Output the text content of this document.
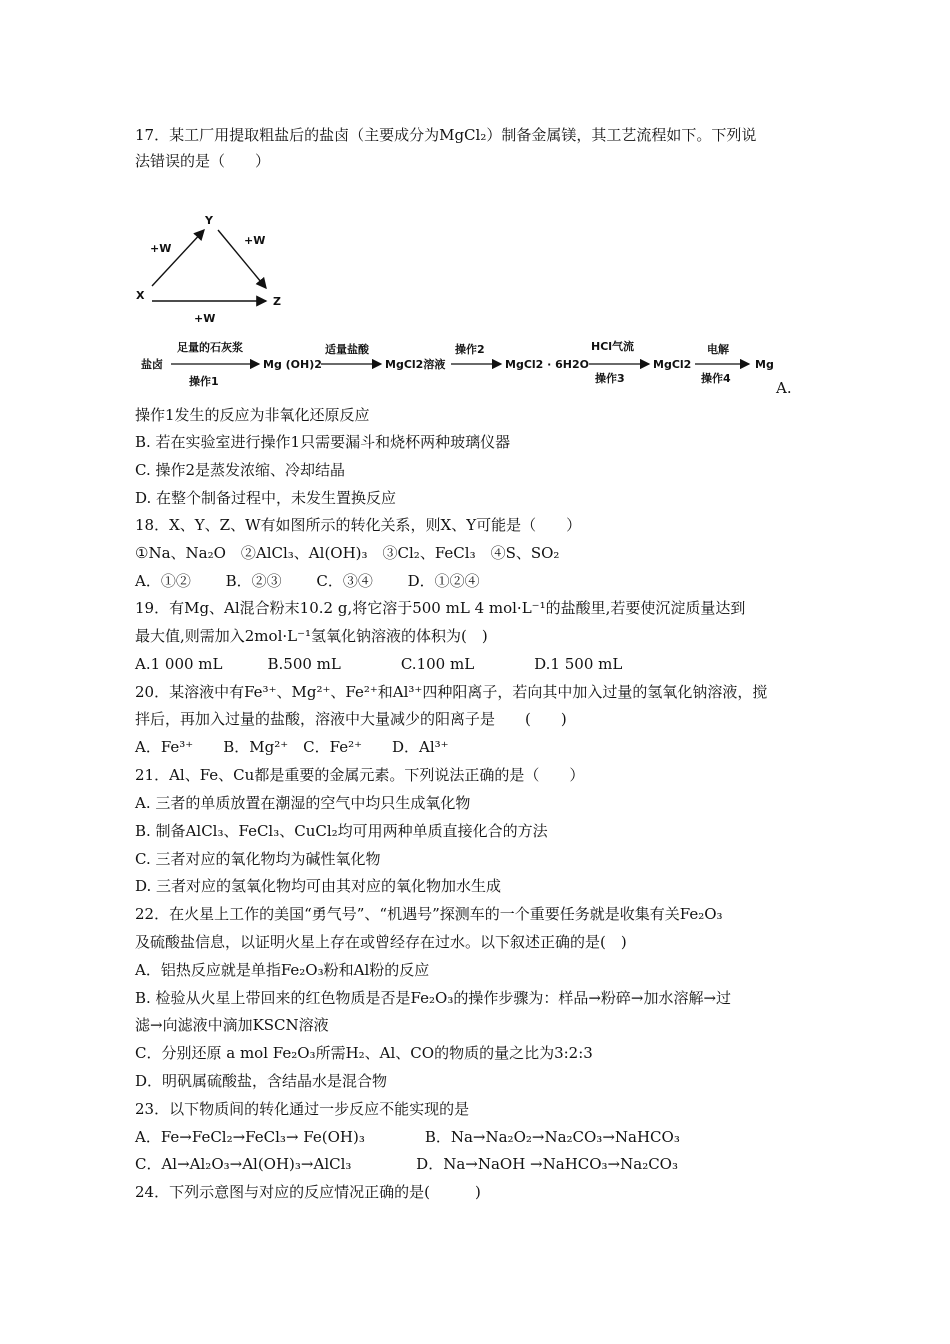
17．某工厂用提取粗盐后的盐卤（主要成分为MgCl₂）制备金属镁，其工艺流程如下。下列说
法错误的是（　　）
Y
X	Z
+W
+W
+W
盐卤
足量的石灰浆
操作1
Mg (OH)2
适量盐酸
MgCl2溶液
操作2
MgCl2 · 6H2O
HCl气流
操作3
MgCl2
电解
操作4
Mg
A.
操作1发生的反应为非氧化还原反应
B. 若在实验室进行操作1只需要漏斗和烧杯两种玻璃仪器
C. 操作2是蒸发浓缩、冷却结晶
D. 在整个制备过程中，未发生置换反应
18．X、Y、Z、W有如图所示的转化关系，则X、Y可能是（　　）
①Na、Na₂O　②AlCl₃、Al(OH)₃　③Cl₂、FeCl₃　④S、SO₂
A．①②　　 B．②③　　 C．③④　　 D．①②④
19．有Mg、Al混合粉末10.2 g,将它溶于500 mL 4 mol·L⁻¹的盐酸里,若要使沉淀质量达到
最大值,则需加入2mol·L⁻¹氢氧化钠溶液的体积为(　)
A.1 000 mL　　　B.500 mL　　　　C.100 mL　　　　D.1 500 mL
20．某溶液中有Fe³⁺、Mg²⁺、Fe²⁺和Al³⁺四种阳离子，若向其中加入过量的氢氧化钠溶液，搅
拌后，再加入过量的盐酸，溶液中大量减少的阳离子是　　(　　)
A．Fe³⁺　　B．Mg²⁺　C．Fe²⁺　　D．Al³⁺
21．Al、Fe、Cu都是重要的金属元素。下列说法正确的是（　　）
A. 三者的单质放置在潮湿的空气中均只生成氧化物
B. 制备AlCl₃、FeCl₃、CuCl₂均可用两种单质直接化合的方法
C. 三者对应的氧化物均为碱性氧化物
D. 三者对应的氢氧化物均可由其对应的氧化物加水生成
22．在火星上工作的美国“勇气号”、“机遇号”探测车的一个重要任务就是收集有关Fe₂O₃
及硫酸盐信息，以证明火星上存在或曾经存在过水。以下叙述正确的是(　)
A．铝热反应就是单指Fe₂O₃粉和Al粉的反应
B. 检验从火星上带回来的红色物质是否是Fe₂O₃的操作步骤为：样品→粉碎→加水溶解→过
滤→向滤液中滴加KSCN溶液
C．分别还原 a mol Fe₂O₃所需H₂、Al、CO的物质的量之比为3:2:3
D．明矾属硫酸盐，含结晶水是混合物
23．以下物质间的转化通过一步反应不能实现的是
A．Fe→FeCl₂→FeCl₃→ Fe(OH)₃　　　　B．Na→Na₂O₂→Na₂CO₃→NaHCO₃
C．Al→Al₂O₃→Al(OH)₃→AlCl₃　　　　 D．Na→NaOH →NaHCO₃→Na₂CO₃
24．下列示意图与对应的反应情况正确的是(　　　)
